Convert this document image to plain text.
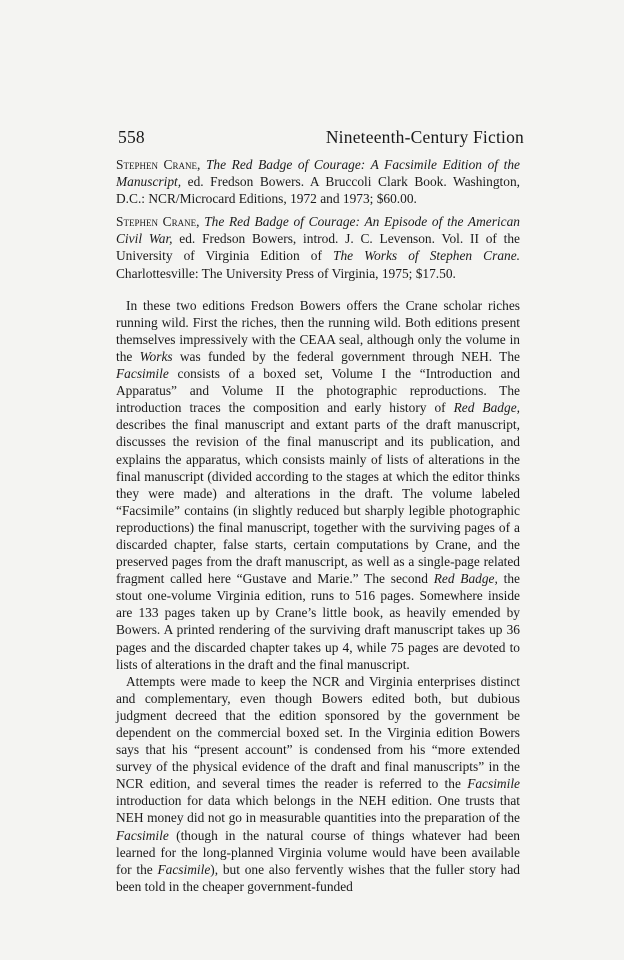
558	Nineteenth-Century Fiction
Stephen Crane, The Red Badge of Courage: A Facsimile Edition of the Manuscript, ed. Fredson Bowers. A Bruccoli Clark Book. Washington, D.C.: NCR/Microcard Editions, 1972 and 1973; $60.00.
Stephen Crane, The Red Badge of Courage: An Episode of the American Civil War, ed. Fredson Bowers, introd. J. C. Levenson. Vol. II of the University of Virginia Edition of The Works of Stephen Crane. Charlottesville: The University Press of Virginia, 1975; $17.50.

In these two editions Fredson Bowers offers the Crane scholar riches running wild. First the riches, then the running wild. Both editions present themselves impressively with the CEAA seal, although only the volume in the Works was funded by the federal government through NEH. The Facsimile consists of a boxed set, Volume I the “Introduction and Apparatus” and Volume II the photographic reproductions. The introduction traces the composition and early history of Red Badge, describes the final manuscript and extant parts of the draft manuscript, discusses the revision of the final manuscript and its publication, and explains the apparatus, which consists mainly of lists of alterations in the final manuscript (divided according to the stages at which the editor thinks they were made) and alterations in the draft. The volume labeled “Facsimile” contains (in slightly reduced but sharply legible photographic reproductions) the final manuscript, together with the surviving pages of a discarded chapter, false starts, certain computations by Crane, and the preserved pages from the draft manuscript, as well as a single-page related fragment called here “Gustave and Marie.” The second Red Badge, the stout one-volume Virginia edition, runs to 516 pages. Somewhere inside are 133 pages taken up by Crane’s little book, as heavily emended by Bowers. A printed rendering of the surviving draft manuscript takes up 36 pages and the discarded chapter takes up 4, while 75 pages are devoted to lists of alterations in the draft and the final manuscript.

Attempts were made to keep the NCR and Virginia enterprises distinct and complementary, even though Bowers edited both, but dubious judgment decreed that the edition sponsored by the government be dependent on the commercial boxed set. In the Virginia edition Bowers says that his “present account” is condensed from his “more extended survey of the physical evidence of the draft and final manuscripts” in the NCR edition, and several times the reader is referred to the Facsimile introduction for data which belongs in the NEH edition. One trusts that NEH money did not go in measurable quantities into the preparation of the Facsimile (though in the natural course of things whatever had been learned for the long-planned Virginia volume would have been available for the Facsimile), but one also fervently wishes that the fuller story had been told in the cheaper government-funded
